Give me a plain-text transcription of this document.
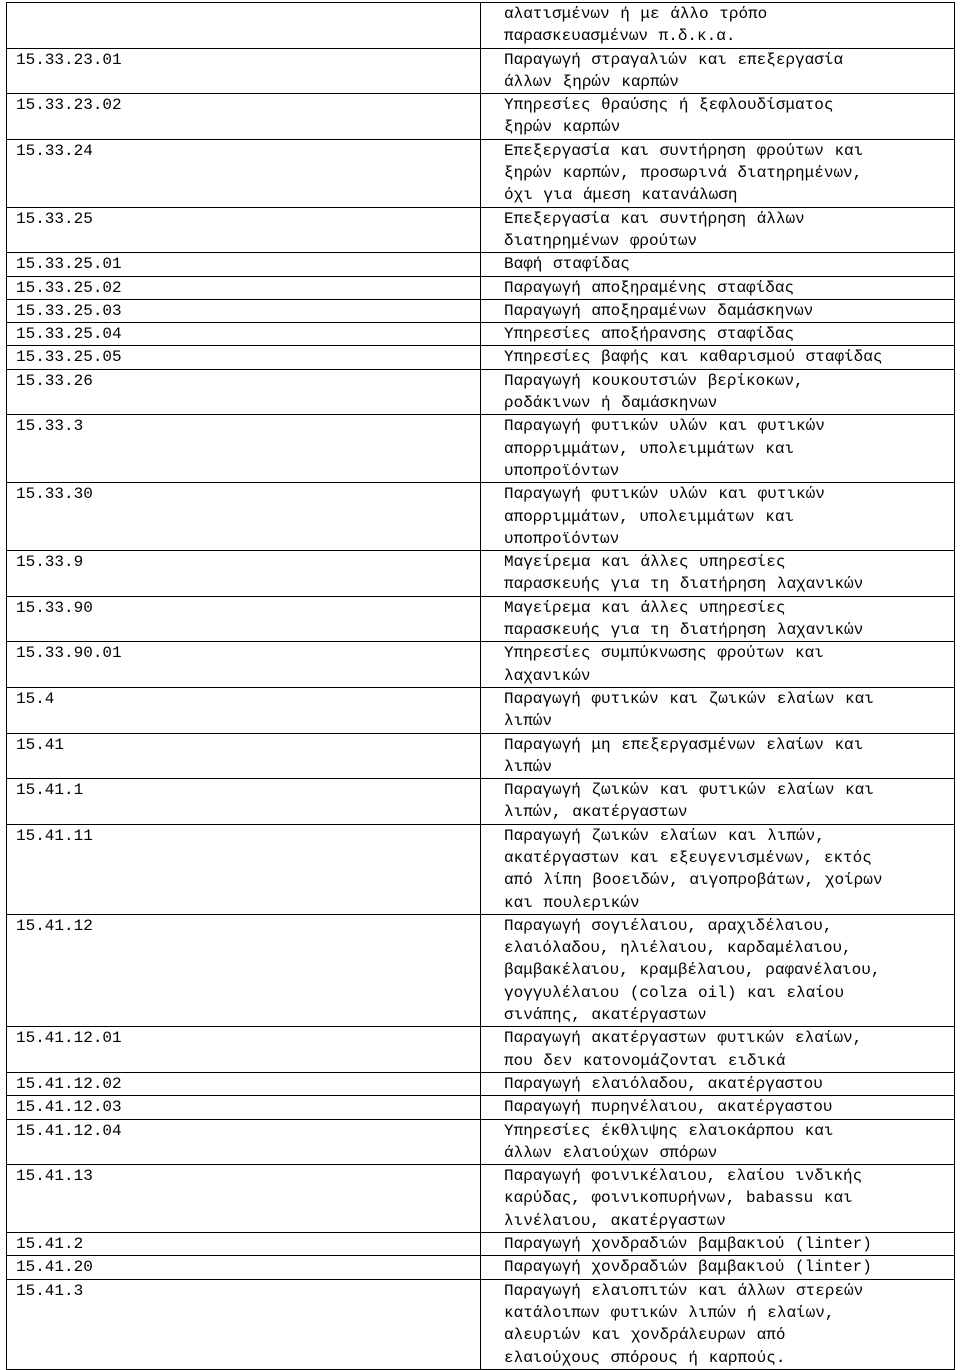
	αλατισμένων ή με άλλο τρόπο
παρασκευασμένων π.δ.κ.α.

15.33.23.01	Παραγωγή στραγαλιών και επεξεργασία
άλλων ξηρών καρπών

15.33.23.02	Υπηρεσίες θραύσης ή ξεφλουδίσματος
ξηρών καρπών

15.33.24	Επεξεργασία και συντήρηση φρούτων και
ξηρών καρπών, προσωρινά διατηρημένων,
όχι για άμεση κατανάλωση

15.33.25	Επεξεργασία και συντήρηση άλλων
διατηρημένων φρούτων

15.33.25.01	Βαφή σταφίδας

15.33.25.02	Παραγωγή αποξηραμένης σταφίδας

15.33.25.03	Παραγωγή αποξηραμένων δαμάσκηνων

15.33.25.04	Υπηρεσίες αποξήρανσης σταφίδας

15.33.25.05	Υπηρεσίες βαφής και καθαρισμού σταφίδας

15.33.26	Παραγωγή κουκουτσιών βερίκοκων,
ροδάκινων ή δαμάσκηνων

15.33.3	Παραγωγή φυτικών υλών και φυτικών
απορριμμάτων, υπολειμμάτων και
υποπροϊόντων

15.33.30	Παραγωγή φυτικών υλών και φυτικών
απορριμμάτων, υπολειμμάτων και
υποπροϊόντων

15.33.9	Μαγείρεμα και άλλες υπηρεσίες
παρασκευής για τη διατήρηση λαχανικών

15.33.90	Μαγείρεμα και άλλες υπηρεσίες
παρασκευής για τη διατήρηση λαχανικών

15.33.90.01	Υπηρεσίες συμπύκνωσης φρούτων και
λαχανικών

15.4	Παραγωγή φυτικών και ζωικών ελαίων και
λιπών

15.41	Παραγωγή μη επεξεργασμένων ελαίων και
λιπών

15.41.1	Παραγωγή ζωικών και φυτικών ελαίων και
λιπών, ακατέργαστων

15.41.11	Παραγωγή ζωικών ελαίων και λιπών,
ακατέργαστων και εξευγενισμένων, εκτός
από λίπη βοοειδών, αιγοπροβάτων, χοίρων
και πουλερικών

15.41.12	Παραγωγή σογιέλαιου, αραχιδέλαιου,
ελαιόλαδου, ηλιέλαιου, καρδαμέλαιου,
βαμβακέλαιου, κραμβέλαιου, ραφανέλαιου,
γογγυλέλαιου (colza oil) και ελαίου
σινάπης, ακατέργαστων

15.41.12.01	Παραγωγή ακατέργαστων φυτικών ελαίων,
που δεν κατονομάζονται ειδικά

15.41.12.02	Παραγωγή ελαιόλαδου, ακατέργαστου

15.41.12.03	Παραγωγή πυρηνέλαιου, ακατέργαστου

15.41.12.04	Υπηρεσίες έκθλιψης ελαιοκάρπου και
άλλων ελαιούχων σπόρων

15.41.13	Παραγωγή φοινικέλαιου, ελαίου ινδικής
καρύδας, φοινικοπυρήνων, babassu και
λινέλαιου, ακατέργαστων

15.41.2	Παραγωγή χονδραδιών βαμβακιού (linter)

15.41.20	Παραγωγή χονδραδιών βαμβακιού (linter)

15.41.3	Παραγωγή ελαιοπιτών και άλλων στερεών
κατάλοιπων φυτικών λιπών ή ελαίων,
αλευριών και χονδράλευρων από
ελαιούχους σπόρους ή καρπούς.
